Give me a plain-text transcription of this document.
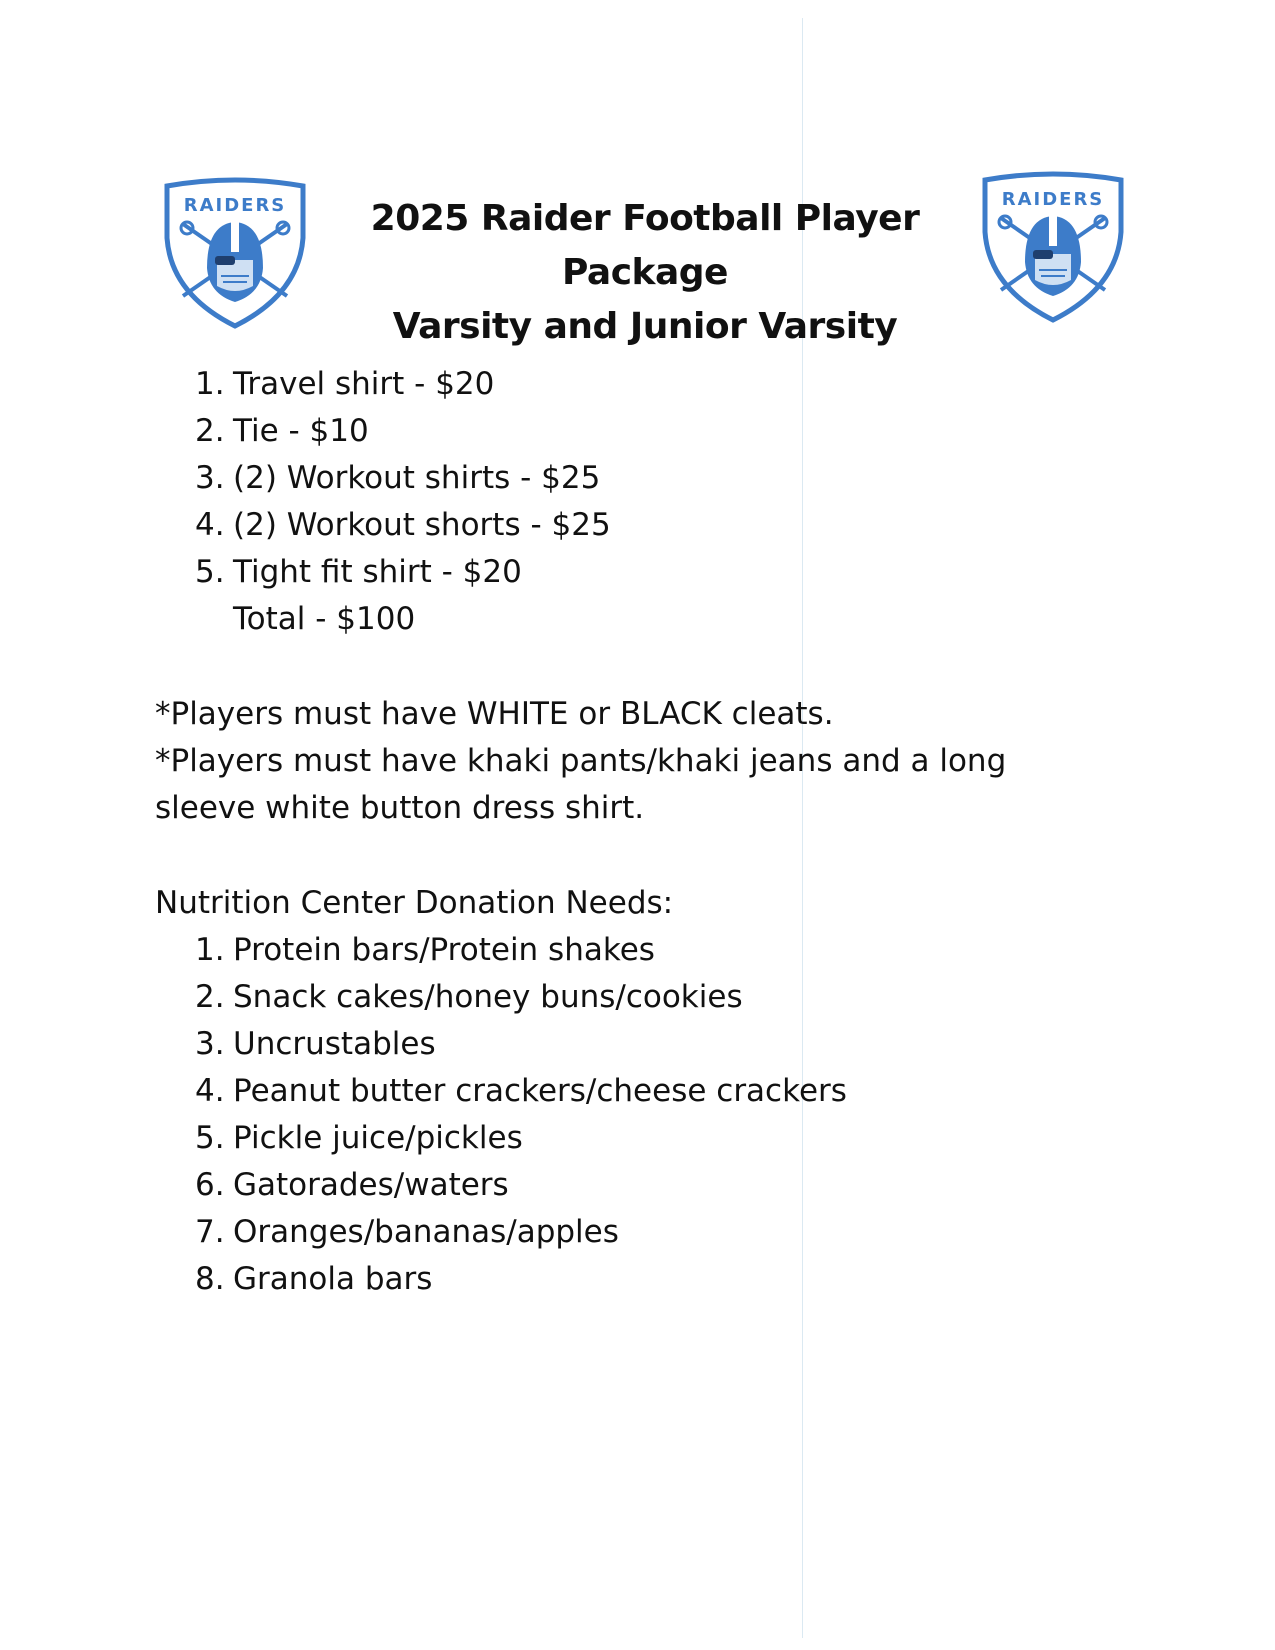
RAIDERS	RAIDERS
2025 Raider Football Player Package
Varsity and Junior Varsity
1. Travel shirt - $20
2. Tie - $10
3. (2) Workout shirts - $25
4. (2) Workout shorts - $25
5. Tight fit shirt - $20
Total - $100
*Players must have WHITE or BLACK cleats.
*Players must have khaki pants/khaki jeans and a long
sleeve white button dress shirt.
Nutrition Center Donation Needs:
1. Protein bars/Protein shakes
2. Snack cakes/honey buns/cookies
3. Uncrustables
4. Peanut butter crackers/cheese crackers
5. Pickle juice/pickles
6. Gatorades/waters
7. Oranges/bananas/apples
8. Granola bars
